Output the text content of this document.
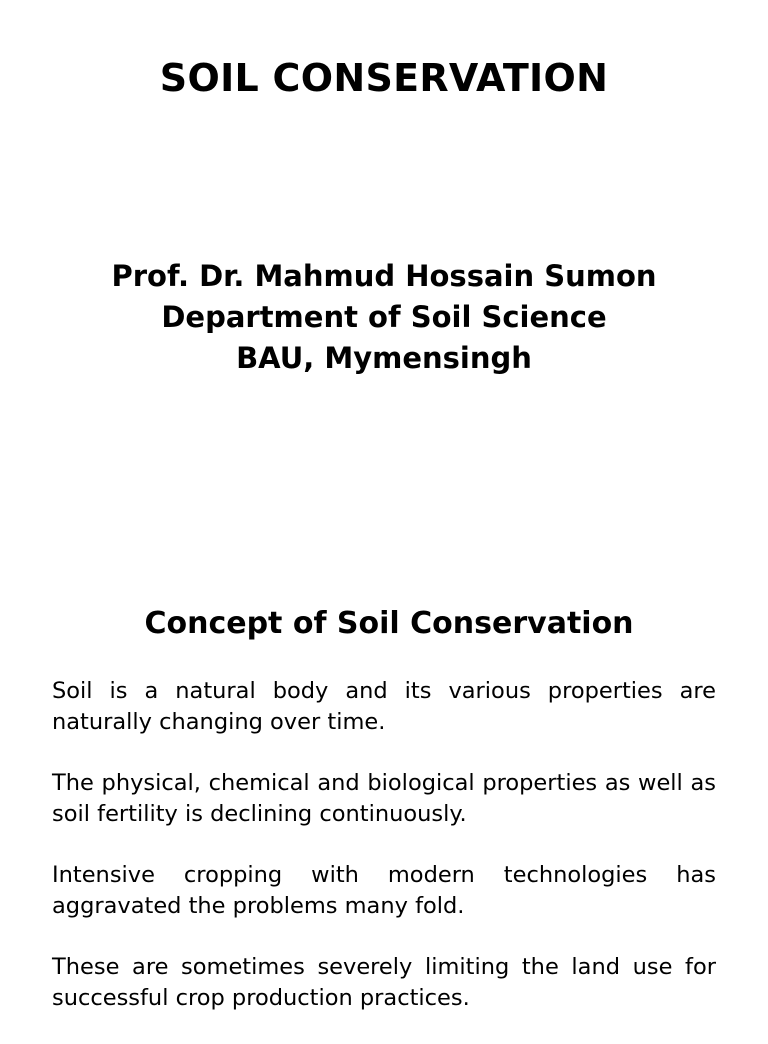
SOIL CONSERVATION
Prof. Dr. Mahmud Hossain Sumon
Department of Soil Science
BAU, Mymensingh
Concept of Soil Conservation

Soil is a natural body and its various properties are naturally changing over time.

The physical, chemical and biological properties as well as soil fertility is declining continuously.

Intensive cropping with modern technologies has aggravated the problems many fold.

These are sometimes severely limiting the land use for successful crop production practices.
